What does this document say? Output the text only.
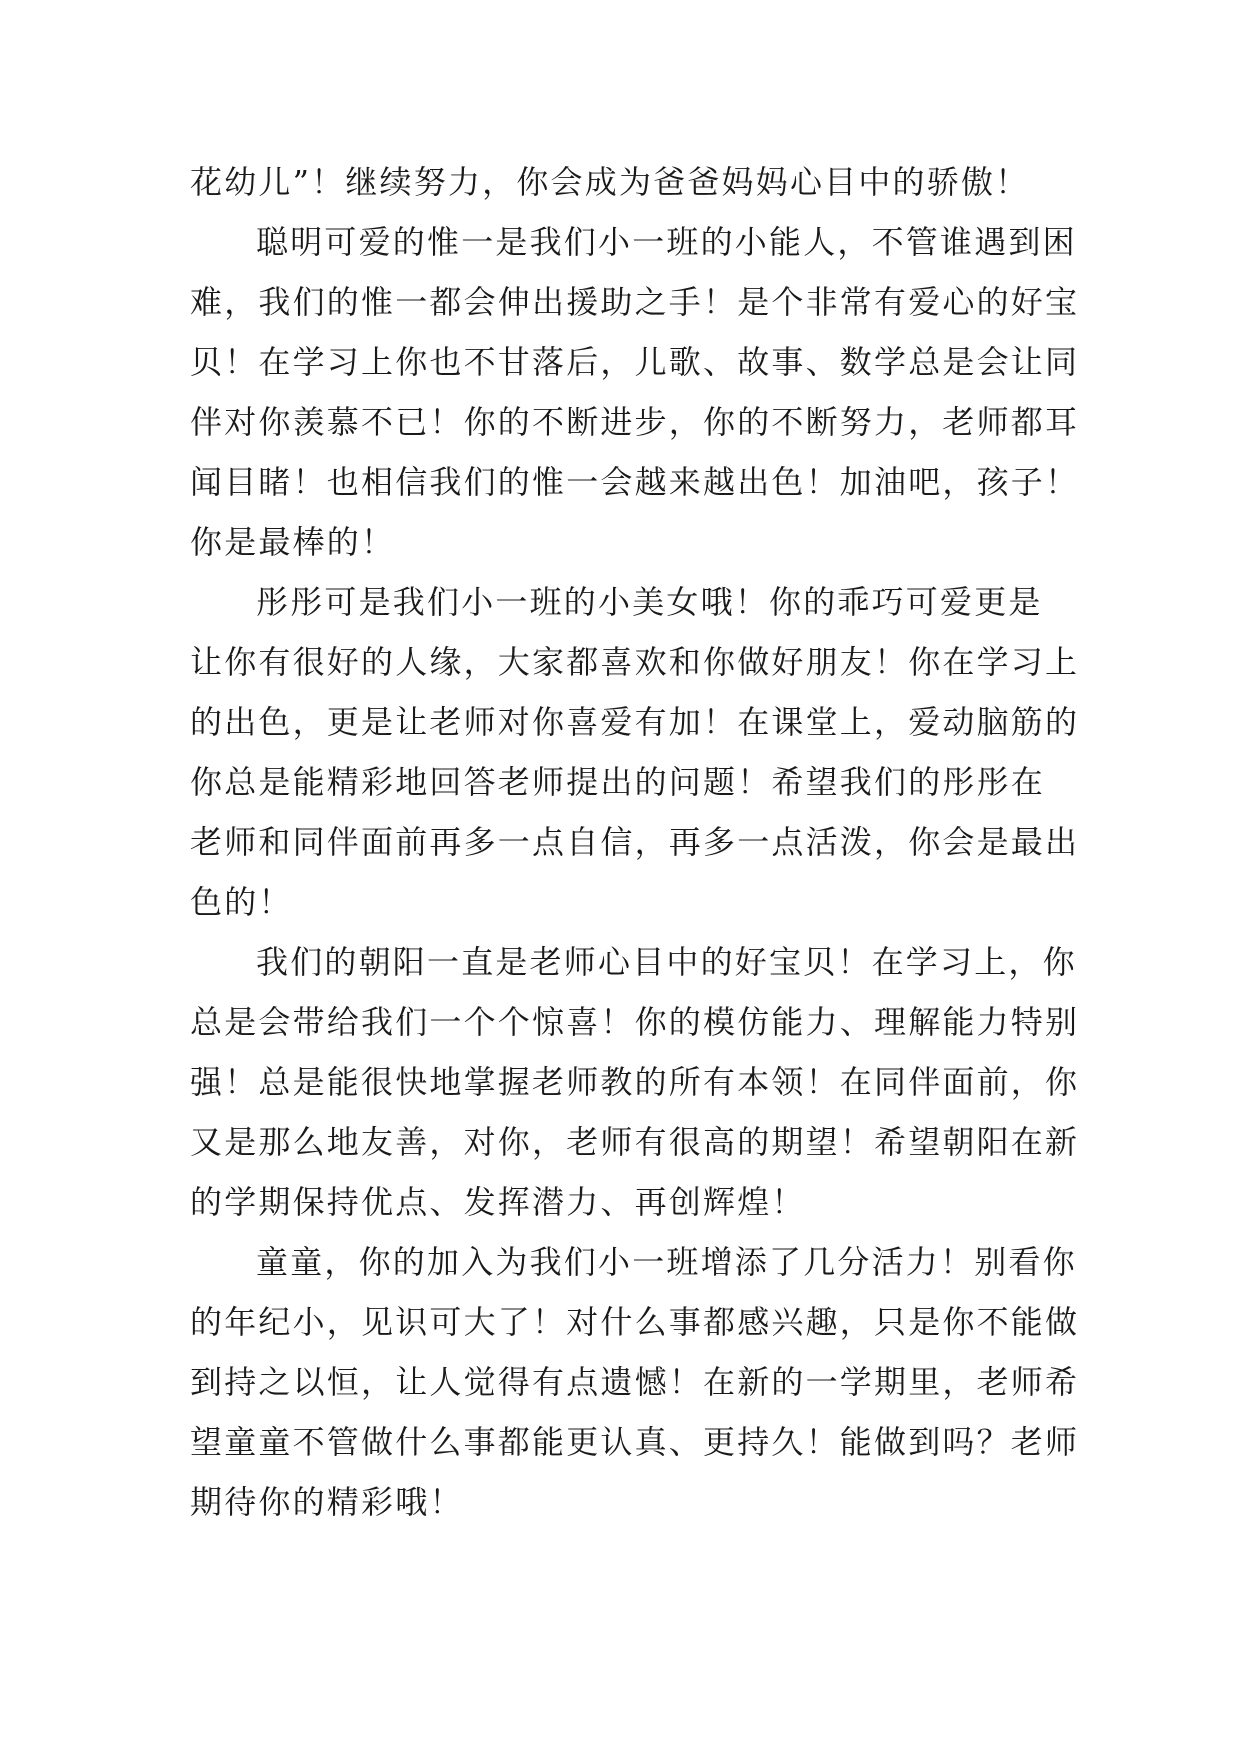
花幼儿”！继续努力，你会成为爸爸妈妈心目中的骄傲！
聪明可爱的惟一是我们小一班的小能人，不管谁遇到困
难，我们的惟一都会伸出援助之手！是个非常有爱心的好宝
贝！在学习上你也不甘落后，儿歌、故事、数学总是会让同
伴对你羡慕不已！你的不断进步，你的不断努力，老师都耳
闻目睹！也相信我们的惟一会越来越出色！加油吧，孩子！
你是最棒的！
彤彤可是我们小一班的小美女哦！你的乖巧可爱更是
让你有很好的人缘，大家都喜欢和你做好朋友！你在学习上
的出色，更是让老师对你喜爱有加！在课堂上，爱动脑筋的
你总是能精彩地回答老师提出的问题！希望我们的彤彤在
老师和同伴面前再多一点自信，再多一点活泼，你会是最出
色的！
我们的朝阳一直是老师心目中的好宝贝！在学习上，你
总是会带给我们一个个惊喜！你的模仿能力、理解能力特别
强！总是能很快地掌握老师教的所有本领！在同伴面前，你
又是那么地友善，对你，老师有很高的期望！希望朝阳在新
的学期保持优点、发挥潜力、再创辉煌！
童童，你的加入为我们小一班增添了几分活力！别看你
的年纪小，见识可大了！对什么事都感兴趣，只是你不能做
到持之以恒，让人觉得有点遗憾！在新的一学期里，老师希
望童童不管做什么事都能更认真、更持久！能做到吗？老师
期待你的精彩哦！
